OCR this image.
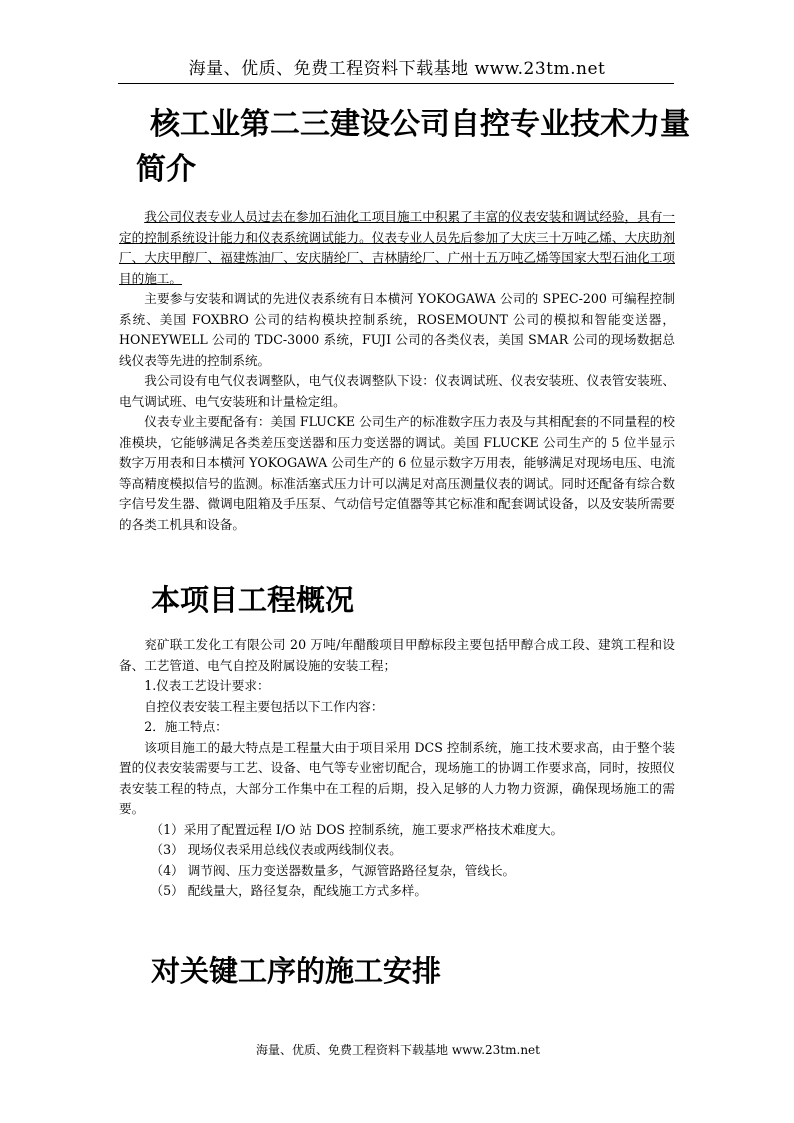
海量、优质、免费工程资料下载基地 www.23tm.net
核工业第二三建设公司自控专业技术力量简介

我公司仪表专业人员过去在参加石油化工项目施工中积累了丰富的仪表安装和调试经验，具有一定的控制系统设计能力和仪表系统调试能力。仪表专业人员先后参加了大庆三十万吨乙烯、大庆助剂厂、大庆甲醇厂、福建炼油厂、安庆腈纶厂、吉林腈纶厂、广州十五万吨乙烯等国家大型石油化工项目的施工。

主要参与安装和调试的先进仪表系统有日本横河 YOKOGAWA 公司的 SPEC-200 可编程控制系统、美国 FOXBRO 公司的结构模块控制系统，ROSEMOUNT 公司的模拟和智能变送器，HONEYWELL 公司的 TDC-3000 系统，FUJI 公司的各类仪表，美国 SMAR 公司的现场数据总线仪表等先进的控制系统。

我公司设有电气仪表调整队，电气仪表调整队下设：仪表调试班、仪表安装班、仪表管安装班、电气调试班、电气安装班和计量检定组。

仪表专业主要配备有：美国 FLUCKE 公司生产的标准数字压力表及与其相配套的不同量程的校准模块，它能够满足各类差压变送器和压力变送器的调试。美国 FLUCKE 公司生产的 5 位半显示数字万用表和日本横河 YOKOGAWA 公司生产的 6 位显示数字万用表，能够满足对现场电压、电流等高精度模拟信号的监测。标准活塞式压力计可以满足对高压测量仪表的调试。同时还配备有综合数字信号发生器、微调电阻箱及手压泵、气动信号定值器等其它标准和配套调试设备，以及安装所需要的各类工机具和设备。

本项目工程概况

兖矿联工发化工有限公司 20 万吨/年醋酸项目甲醇标段主要包括甲醇合成工段、建筑工程和设备、工艺管道、电气自控及附属设施的安装工程；

1.仪表工艺设计要求：

自控仪表安装工程主要包括以下工作内容：

2．施工特点：

该项目施工的最大特点是工程量大由于项目采用 DCS 控制系统，施工技术要求高，由于整个装置的仪表安装需要与工艺、设备、电气等专业密切配合，现场施工的协调工作要求高，同时，按照仪表安装工程的特点，大部分工作集中在工程的后期，投入足够的人力物力资源，确保现场施工的需要。

（1）采用了配置远程 I/O 站 DOS 控制系统，施工要求严格技术难度大。

（3） 现场仪表采用总线仪表或两线制仪表。

（4） 调节阀、压力变送器数量多，气源管路路径复杂，管线长。

（5） 配线量大，路径复杂，配线施工方式多样。

对关键工序的施工安排
海量、优质、免费工程资料下载基地 www.23tm.net
